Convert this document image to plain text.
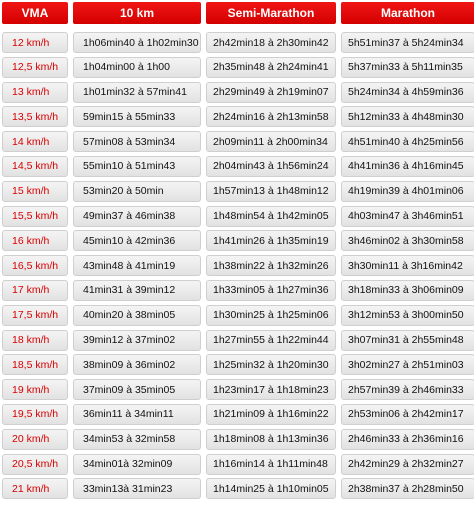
VMA	10 km	Semi-Marathon	Marathon
12 km/h	1h06min40 à 1h02min30	2h42min18 à 2h30min42	5h51min37 à 5h24min34
12,5 km/h	1h04min00 à 1h00	2h35min48 à 2h24min41	5h37min33 à 5h11min35
13 km/h	1h01min32 à 57min41	2h29min49 à 2h19min07	5h24min34 à 4h59min36
13,5 km/h	59min15 à 55min33	2h24min16 à 2h13min58	5h12min33 à 4h48min30
14 km/h	57min08 à 53min34	2h09min11 à 2h00min34	4h51min40 à 4h25min56
14,5 km/h	55min10 à 51min43	2h04min43 à 1h56min24	4h41min36 à 4h16min45
15 km/h	53min20 à 50min	1h57min13 à 1h48min12	4h19min39 à 4h01min06
15,5 km/h	49min37 à 46min38	1h48min54 à 1h42min05	4h03min47 à 3h46min51
16 km/h	45min10 à 42min36	1h41min26 à 1h35min19	3h46min02 à 3h30min58
16,5 km/h	43min48 à 41min19	1h38min22 à 1h32min26	3h30min11 à 3h16min42
17 km/h	41min31 à 39min12	1h33min05 à 1h27min36	3h18min33 à 3h06min09
17,5 km/h	40min20 à 38min05	1h30min25 à 1h25min06	3h12min53 à 3h00min50
18 km/h	39min12 à 37min02	1h27min55 à 1h22min44	3h07min31 à 2h55min48
18,5 km/h	38min09 à 36min02	1h25min32 à 1h20min30	3h02min27 à 2h51min03
19 km/h	37min09 à 35min05	1h23min17 à 1h18min23	2h57min39 à 2h46min33
19,5 km/h	36min11 à 34min11	1h21min09 à 1h16min22	2h53min06 à 2h42min17
20 km/h	34min53 à 32min58	1h18min08 à 1h13min36	2h46min33 à 2h36min16
20,5 km/h	34min01à 32min09	1h16min14 à 1h11min48	2h42min29 à 2h32min27
21 km/h	33min13à 31min23	1h14min25 à 1h10min05	2h38min37 à 2h28min50
